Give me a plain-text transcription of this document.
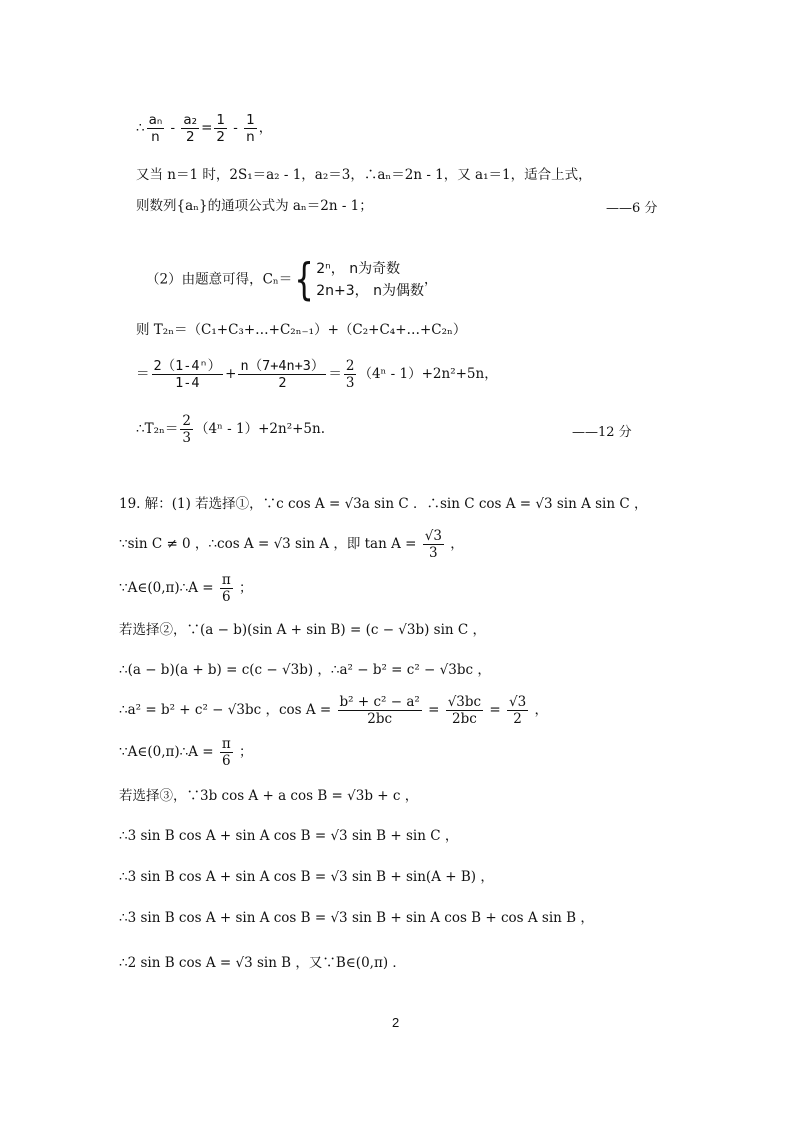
∴ $\frac{\text{aₙ}}{n} - \frac{\text{a₂}}{2} = \frac{1}{2} - \frac{1}{n}$ ，
又当 n＝1 时，2S₁＝a₂ - 1，a₂＝3，∴aₙ＝2n - 1，又 a₁＝1，适合上式，
则数列{aₙ}的通项公式为 aₙ＝2n - 1；	——6 分
（2）由题意可得，Cₙ＝{ 2ⁿ， n为奇数
2n+3， n为偶数
，
则 T₂ₙ＝（C₁+C₃+…+C₂ₙ₋₁）+（C₂+C₄+…+C₂ₙ）
＝ $\frac{\text{2（1-4ⁿ）}}{1-4} + \frac{n(7+4n+3)}{2} = \frac{2}{3} (4^n - 1)+2n^2+5n$，
∴T₂ₙ＝ $\frac{2}{3} (4^n - 1)+2n^2+5n$.	——12 分
19. 解：(1) 若选择①，∵c cos A = √3a sin C ．∴sin C cos A = √3 sin A sin C ，
∵sin C ≠ 0 ，∴cos A = √3 sin A ，即 $\tan A = \frac{√3}{3}$ ，
∵A∈(0,π)∴A = $\frac{\pi}{6}$ ；
若选择②，∵(a − b)(sin A + sin B) = (c − √3b) sin C ，
∴(a − b)(a + b) = c(c − √3b) ，∴a² − b² = c² − √3bc ，
∴a² = b² + c² − √3bc ，$\cos A = \frac{\text{b² + c² − a²}}{2bc} = \frac{√3bc}{2bc} = \frac{√3}{2}$ ，
∵A∈(0,π)∴A = $\frac{\pi}{6}$ ；
若选择③，∵3b cos A + a cos B = √3b + c ，
∴3 sin B cos A + sin A cos B = √3 sin B + sin C ，
∴3 sin B cos A + sin A cos B = √3 sin B + sin(A + B) ，
∴3 sin B cos A + sin A cos B = √3 sin B + sin A cos B + cos A sin B ，
∴2 sin B cos A = √3 sin B ，又∵B∈(0,π) ．
2
